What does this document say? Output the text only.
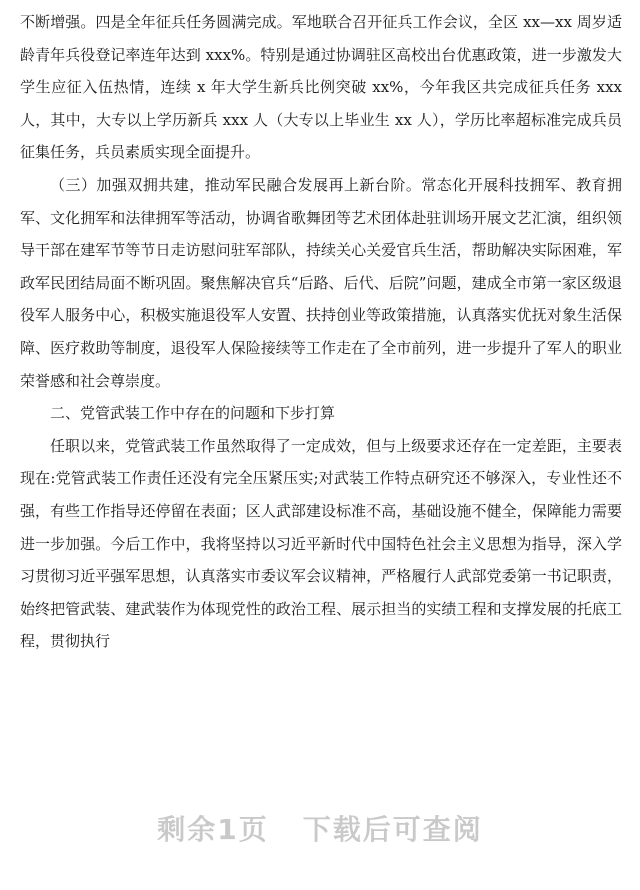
不断增强。四是全年征兵任务圆满完成。军地联合召开征兵工作会议，全区 xx—xx 周岁适龄青年兵役登记率连年达到 xxx%。特别是通过协调驻区高校出台优惠政策，进一步激发大学生应征入伍热情，连续 x 年大学生新兵比例突破 xx%，今年我区共完成征兵任务 xxx 人，其中，大专以上学历新兵 xxx 人（大专以上毕业生 xx 人），学历比率超标准完成兵员征集任务，兵员素质实现全面提升。

（三）加强双拥共建，推动军民融合发展再上新台阶。常态化开展科技拥军、教育拥军、文化拥军和法律拥军等活动，协调省歌舞团等艺术团体赴驻训场开展文艺汇演，组织领导干部在建军节等节日走访慰问驻军部队，持续关心关爱官兵生活，帮助解决实际困难，军政军民团结局面不断巩固。聚焦解决官兵“后路、后代、后院”问题，建成全市第一家区级退役军人服务中心，积极实施退役军人安置、扶持创业等政策措施，认真落实优抚对象生活保障、医疗救助等制度，退役军人保险接续等工作走在了全市前列，进一步提升了军人的职业荣誉感和社会尊崇度。

二、党管武装工作中存在的问题和下步打算

任职以来，党管武装工作虽然取得了一定成效，但与上级要求还存在一定差距，主要表现在:党管武装工作责任还没有完全压紧压实;对武装工作特点研究还不够深入，专业性还不强，有些工作指导还停留在表面；区人武部建设标准不高，基础设施不健全，保障能力需要进一步加强。今后工作中，我将坚持以习近平新时代中国特色社会主义思想为指导，深入学习贯彻习近平强军思想，认真落实市委议军会议精神，严格履行人武部党委第一书记职责，始终把管武装、建武装作为体现党性的政治工程、展示担当的实绩工程和支撑发展的托底工程，贯彻执行

剩余1页 下载后可查阅
